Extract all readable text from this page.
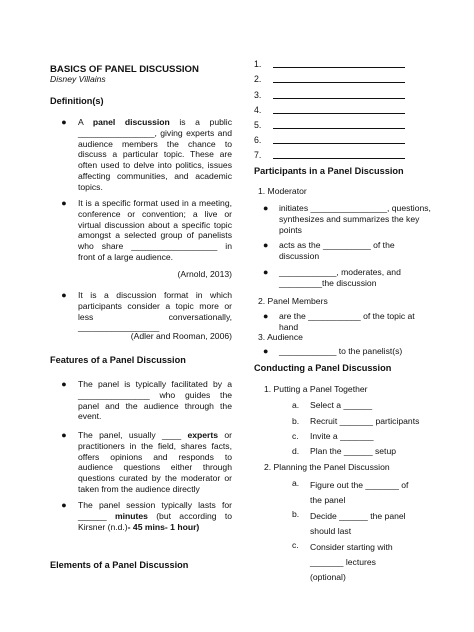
BASICS OF PANEL DISCUSSION
Disney Villains
Definition(s)
●	A panel discussion is a public ________________, giving experts and audience members the chance to discuss a particular topic. These are often used to delve into politics, issues affecting communities, and academic topics.
●	It is a specific format used in a meeting, conference or convention; a live or virtual discussion about a specific topic amongst a selected group of panelists who share __________________ in front of a large audience.
(Arnold, 2013)
●	It is a discussion format in which participants consider a topic more or less conversationally, _________________
(Adler and Rooman, 2006)
Features of a Panel Discussion
●	The panel is typically facilitated by a _______________ who guides the panel and the audience through the event.
●	The panel, usually ____ experts or practitioners in the field, shares facts, offers opinions and responds to audience questions either through questions curated by the moderator or taken from the audience directly
●	The panel session typically lasts for ______ minutes (but according to Kirsner (n.d.)- 45 mins- 1 hour)
Elements of a Panel Discussion
1.
2.
3.
4.
5.
6.
7.
Participants in a Panel Discussion
1. Moderator
● initiates ________________, questions, synthesizes and summarizes the key points
● acts as the __________ of the discussion
● ____________, moderates, and _________the discussion
2. Panel Members
● are the ___________ of the topic at hand
3. Audience
● ____________ to the panelist(s)
Conducting a Panel Discussion
1. Putting a Panel Together
a. Select a ______
b. Recruit _______ participants
c. Invite a _______
d. Plan the ______ setup
2. Planning the Panel Discussion
a. Figure out the _______ of the panel
b. Decide ______ the panel should last
c. Consider starting with _______ lectures (optional)
